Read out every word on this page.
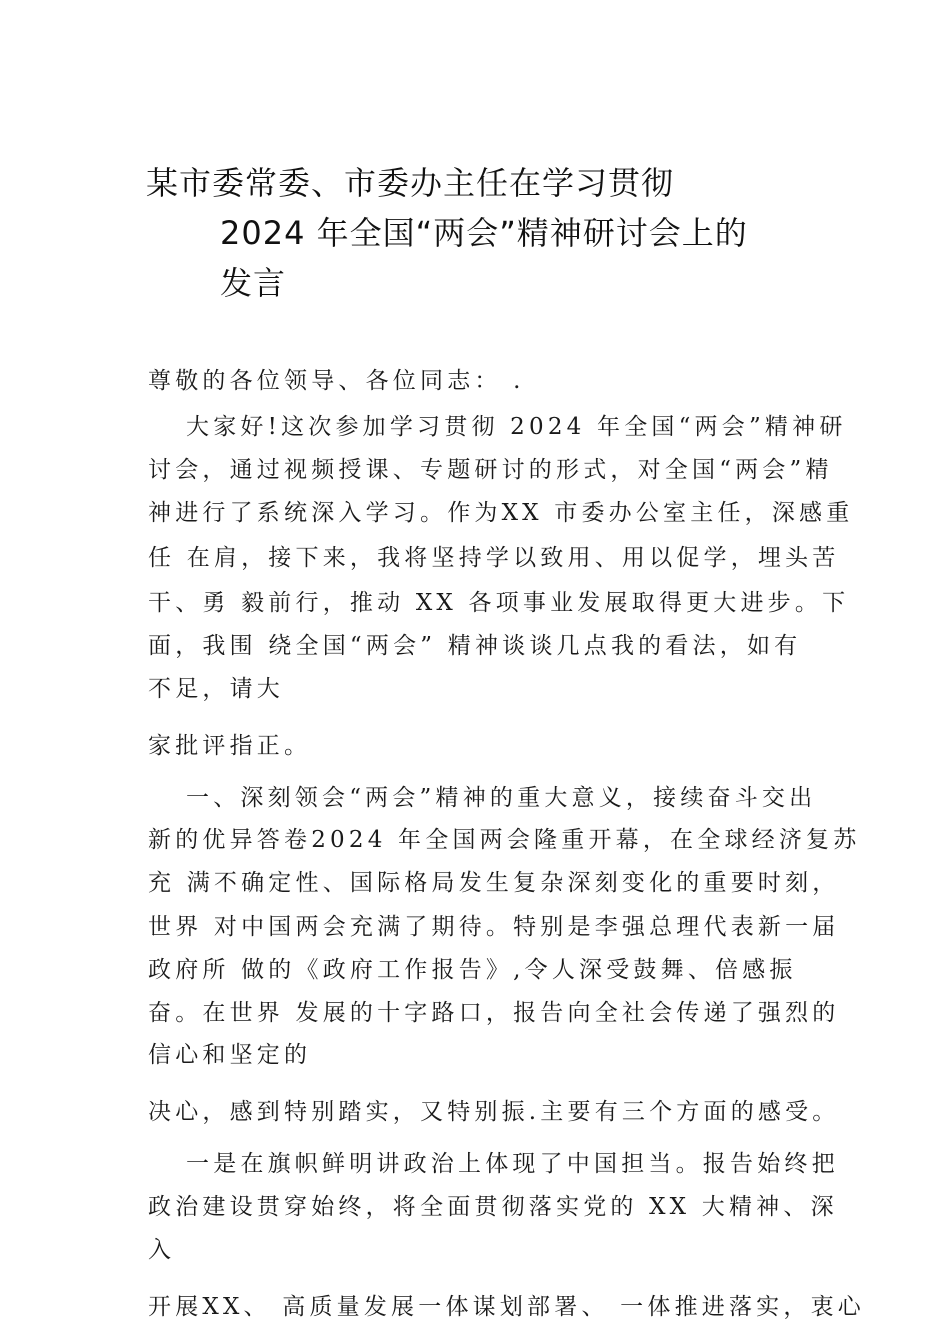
某市委常委、市委办主任在学习贯彻
2024 年全国“两会”精神研讨会上的
发言
尊敬的各位领导、各位同志： .
大家好!这次参加学习贯彻 2024 年全国“两会”精神研
讨会，通过视频授课、专题研讨的形式，对全国“两会”精
神进行了系统深入学习。作为XX 市委办公室主任，深感重
任 在肩，接下来，我将坚持学以致用、用以促学，埋头苦
干、勇 毅前行，推动 XX 各项事业发展取得更大进步。下
面，我围 绕全国“两会” 精神谈谈几点我的看法，如有
不足，请大
家批评指正。
一、深刻领会“两会”精神的重大意义，接续奋斗交出
新的优异答卷2024 年全国两会隆重开幕，在全球经济复苏
充 满不确定性、国际格局发生复杂深刻变化的重要时刻，
世界 对中国两会充满了期待。特别是李强总理代表新一届
政府所 做的《政府工作报告》,令人深受鼓舞、倍感振
奋。在世界 发展的十字路口，报告向全社会传递了强烈的
信心和坚定的
决心，感到特别踏实，又特别振.主要有三个方面的感受。
一是在旗帜鲜明讲政治上体现了中国担当。报告始终把
政治建设贯穿始终，将全面贯彻落实党的 XX 大精神、深
入
开展XX、 高质量发展一体谋划部署、 一体推进落实，衷心
